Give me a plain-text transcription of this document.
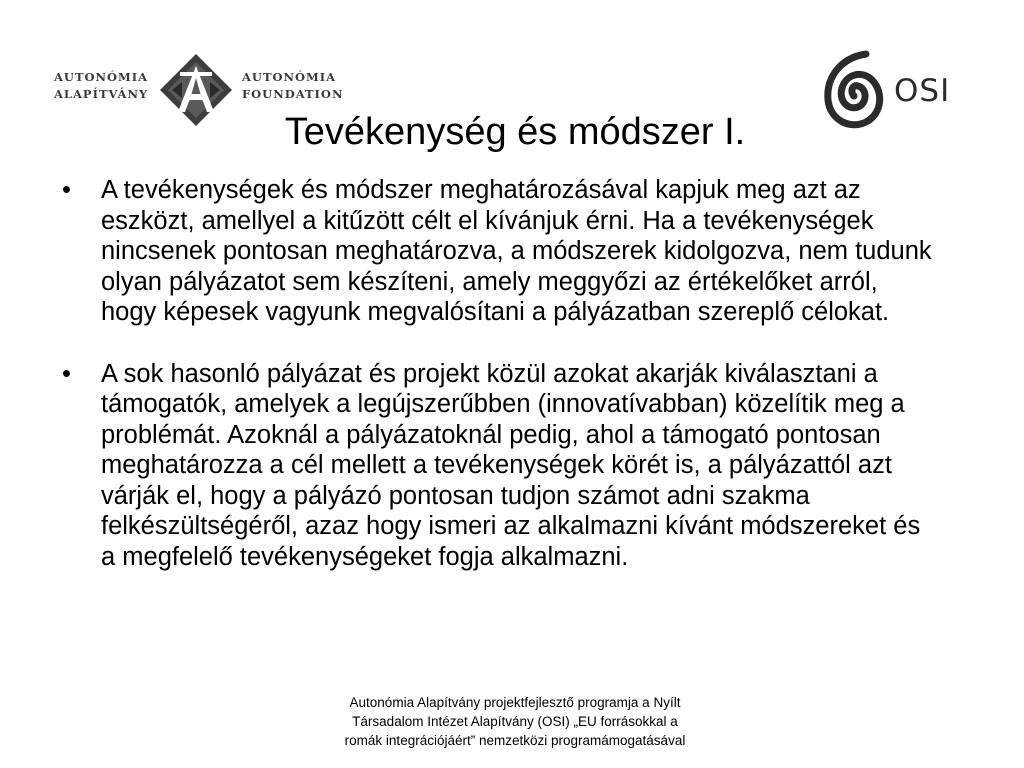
AUTONÓMIA
ALAPÍTVÁNY
AUTONÓMIA
FOUNDATION	OSI
Tevékenység és módszer I.
• A tevékenységek és módszer meghatározásával kapjuk meg azt az eszközt, amellyel a kitűzött célt el kívánjuk érni. Ha a tevékenységek nincsenek pontosan meghatározva, a módszerek kidolgozva, nem tudunk olyan pályázatot sem készíteni, amely meggyőzi az értékelőket arról, hogy képesek vagyunk megvalósítani a pályázatban szereplő célokat.
• A sok hasonló pályázat és projekt közül azokat akarják kiválasztani a támogatók, amelyek a legújszerűbben (innovatívabban) közelítik meg a problémát. Azoknál a pályázatoknál pedig, ahol a támogató pontosan meghatározza a cél mellett a tevékenységek körét is, a pályázattól azt várják el, hogy a pályázó pontosan tudjon számot adni szakma felkészültségéről, azaz hogy ismeri az alkalmazni kívánt módszereket és a megfelelő tevékenységeket fogja alkalmazni.
Autonómia Alapítvány projektfejlesztő programja a Nyílt
Társadalom Intézet Alapítvány (OSI) „EU forrásokkal a
romák integrációjáért” nemzetközi programámogatásával
